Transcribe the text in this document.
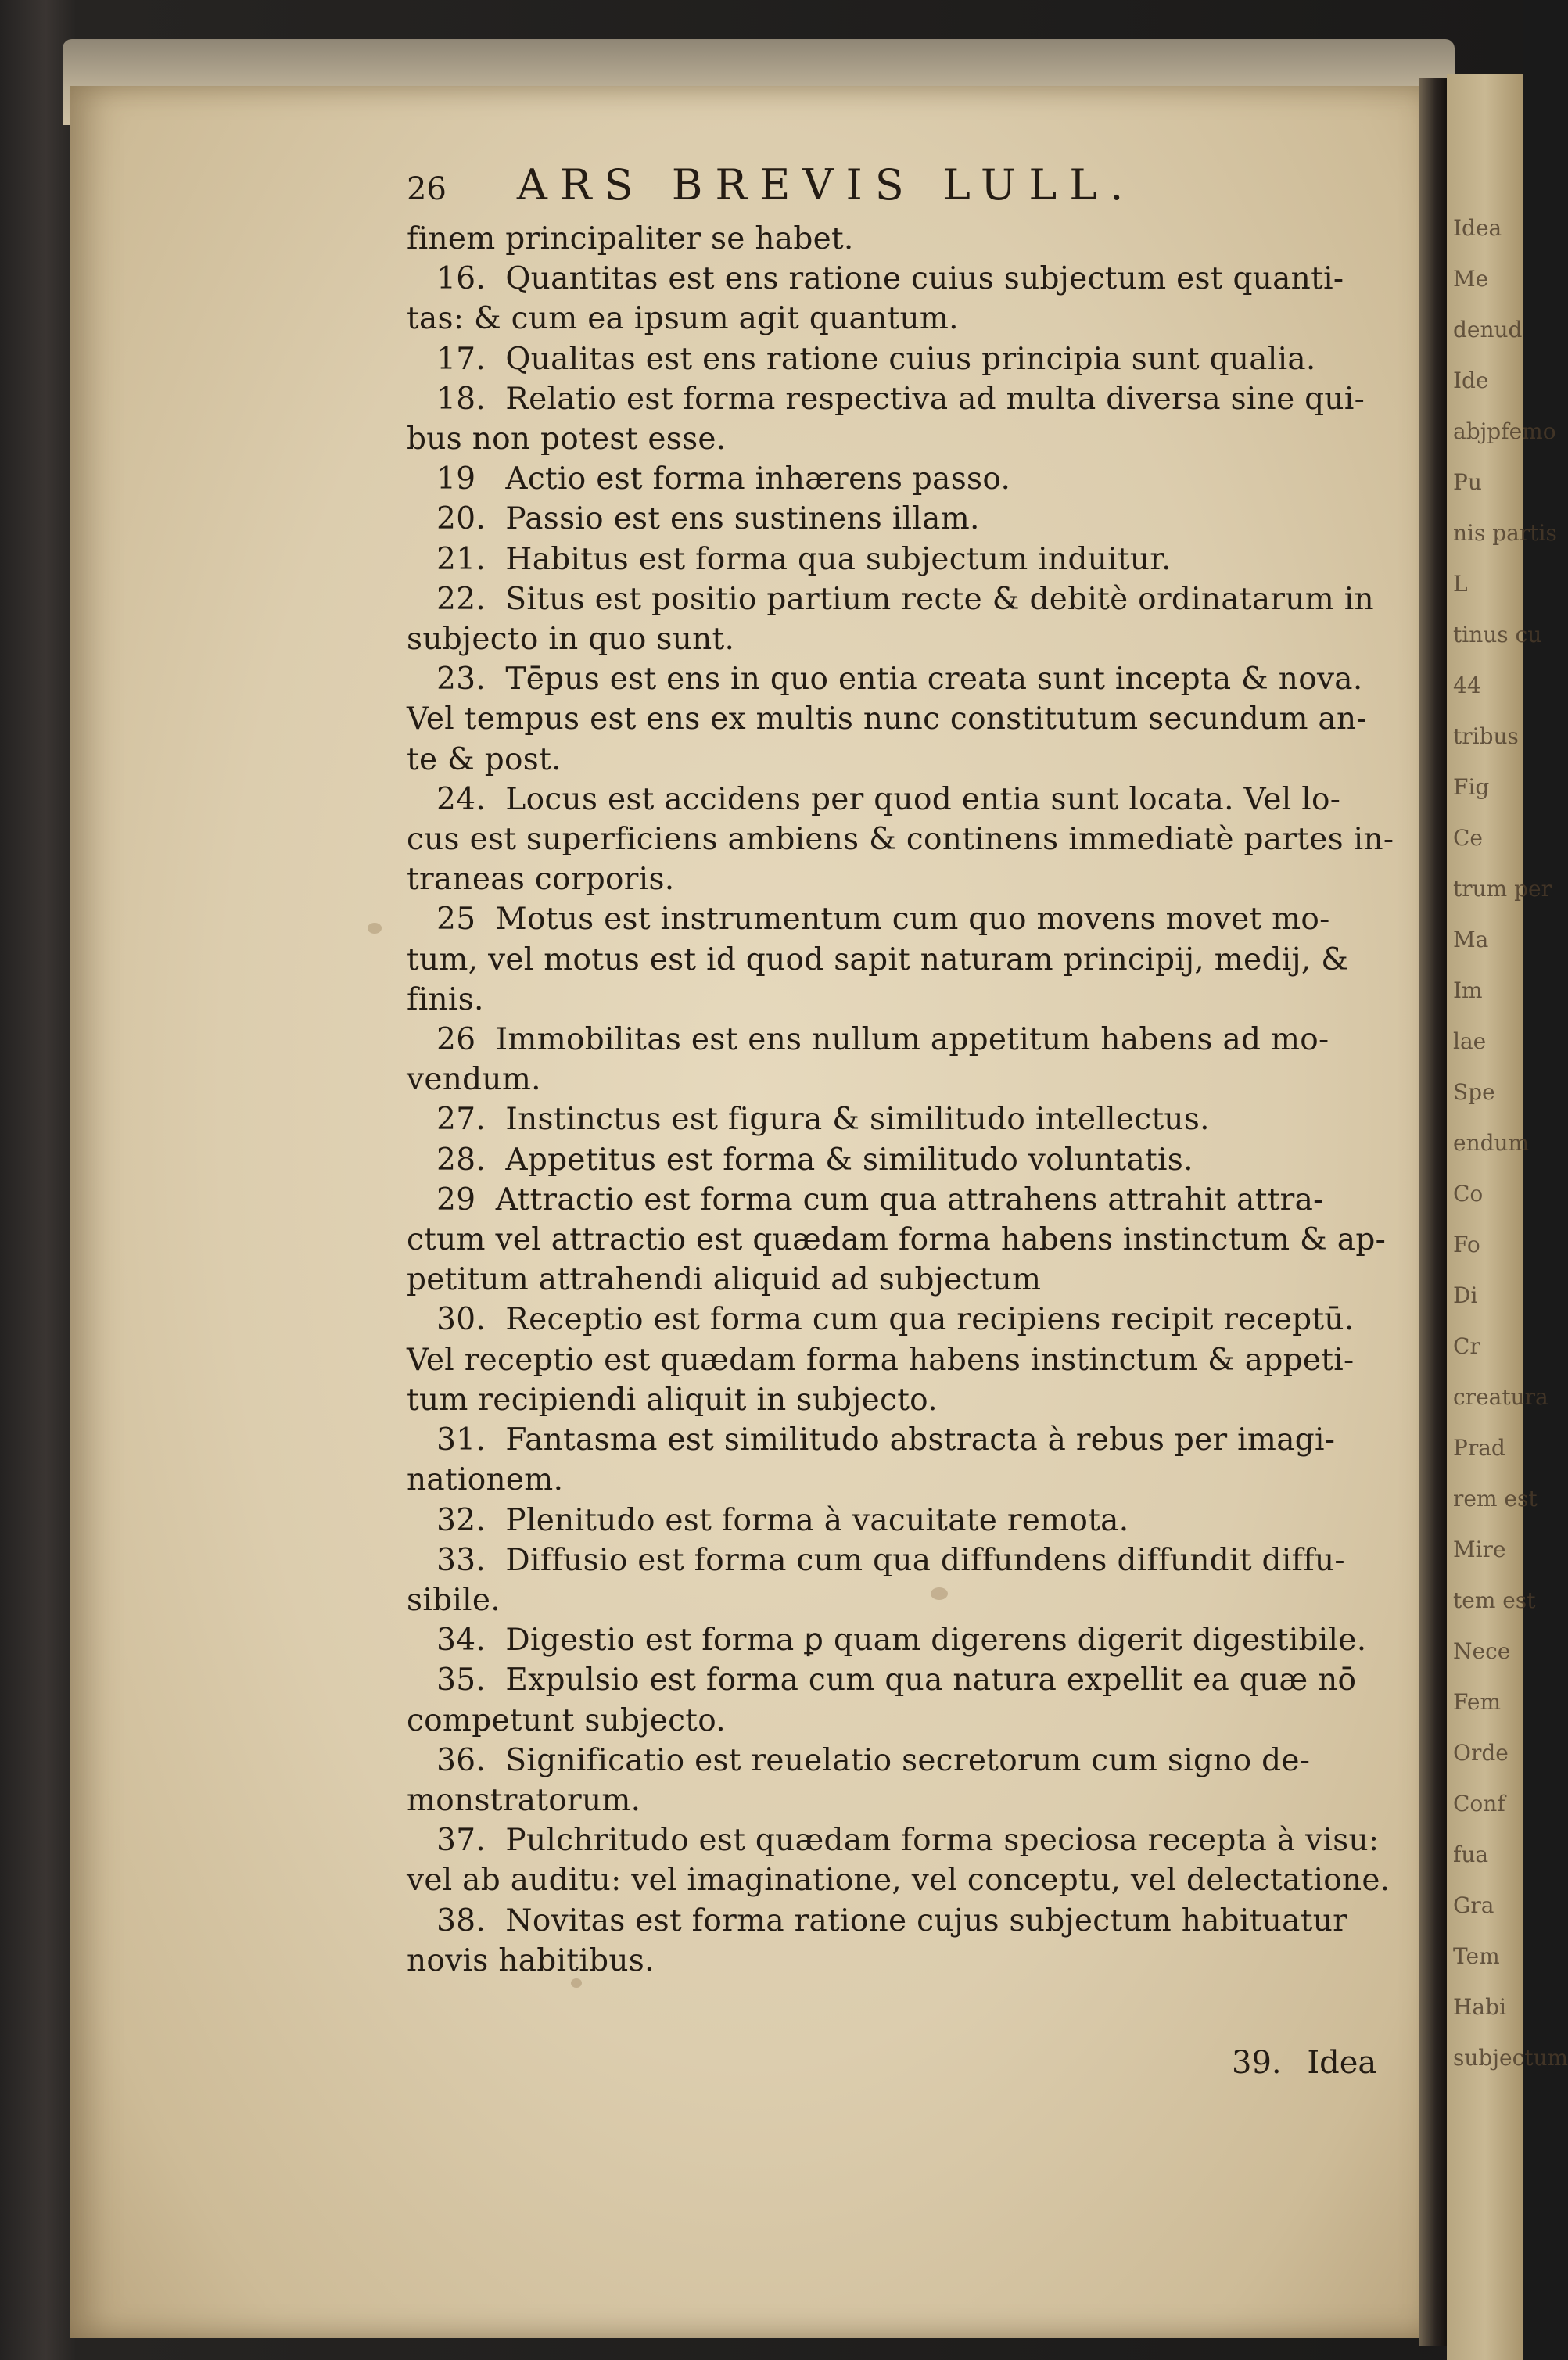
Idea
Me
denud
Ide
abjpfemo
Pu
nis partis
L
tinus cu
44
tribus
Fig
Ce
trum per
Ma
Im
lae
Spe
endum
Co
Fo
Di
Cr
creatura
Prad
rem est
Mire
tem est
Nece
Fem
Orde
Conf
fua
Gra
Tem
Habi
subjectum
26 ARS BREVIS LULL.
finem principaliter se habet.
16.  Quantitas est ens ratione cuius subjectum est quanti-
tas: & cum ea ipsum agit quantum.
17.  Qualitas est ens ratione cuius principia sunt qualia.
18.  Relatio est forma respectiva ad multa diversa sine qui-
bus non potest esse.
19   Actio est forma inhærens passo.
20.  Passio est ens sustinens illam.
21.  Habitus est forma qua subjectum induitur.
22.  Situs est positio partium recte & debitè ordinatarum in
subjecto in quo sunt.
23.  Tēpus est ens in quo entia creata sunt incepta & nova.
Vel tempus est ens ex multis nunc constitutum secundum an-
te & post.
24.  Locus est accidens per quod entia sunt locata. Vel lo-
cus est superficiens ambiens & continens immediatè partes in-
traneas corporis.
25  Motus est instrumentum cum quo movens movet mo-
tum, vel motus est id quod sapit naturam principij, medij, &
finis.
26  Immobilitas est ens nullum appetitum habens ad mo-
vendum.
27.  Instinctus est figura & similitudo intellectus.
28.  Appetitus est forma & similitudo voluntatis.
29  Attractio est forma cum qua attrahens attrahit attra-
ctum vel attractio est quædam forma habens instinctum & ap-
petitum attrahendi aliquid ad subjectum
30.  Receptio est forma cum qua recipiens recipit receptū.
Vel receptio est quædam forma habens instinctum & appeti-
tum recipiendi aliquit in subjecto.
31.  Fantasma est similitudo abstracta à rebus per imagi-
nationem.
32.  Plenitudo est forma à vacuitate remota.
33.  Diffusio est forma cum qua diffundens diffundit diffu-
sibile.
34.  Digestio est forma ꝑ quam digerens digerit digestibile.
35.  Expulsio est forma cum qua natura expellit ea quæ nō
competunt subjecto.
36.  Significatio est reuelatio secretorum cum signo de-
monstratorum.
37.  Pulchritudo est quædam forma speciosa recepta à visu:
vel ab auditu: vel imaginatione, vel conceptu, vel delectatione.
38.  Novitas est forma ratione cujus subjectum habituatur
novis habitibus.
39. Idea
